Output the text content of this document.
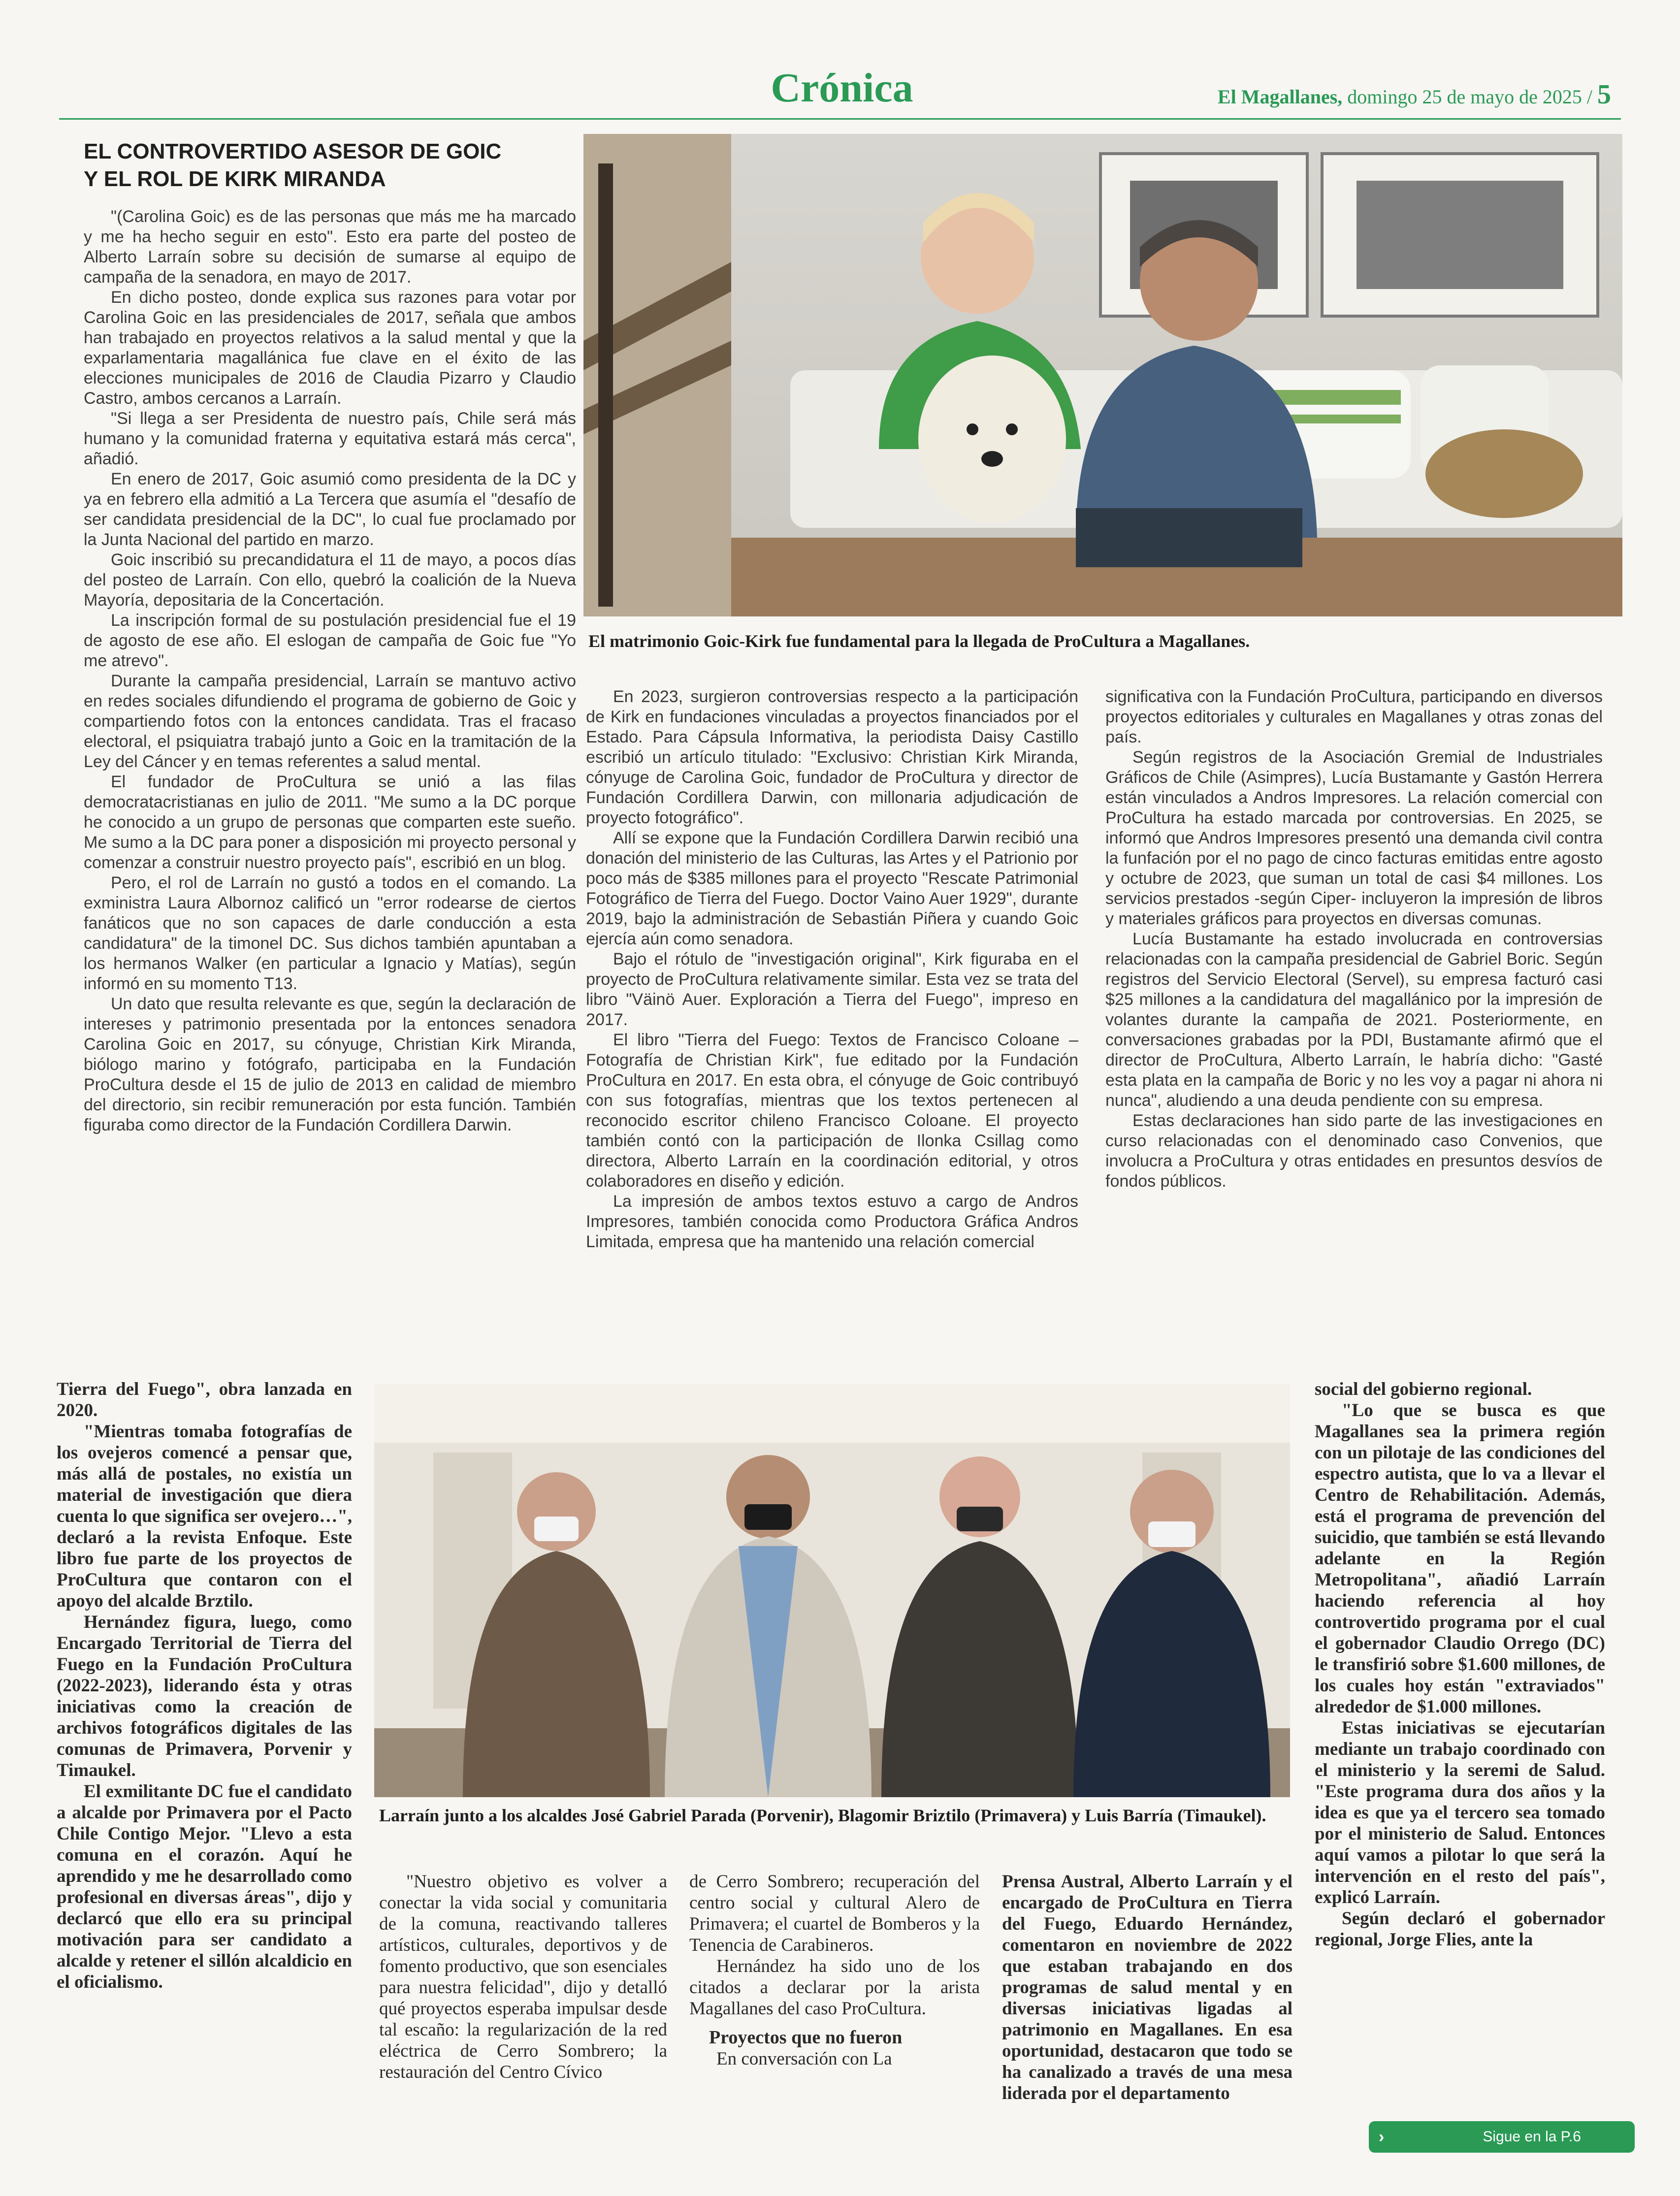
Crónica	El Magallanes, domingo 25 de mayo de 2025 / 5
EL CONTROVERTIDO ASESOR DE GOIC
Y EL ROL DE KIRK MIRANDA

"(Carolina Goic) es de las personas que más me ha marcado y me ha hecho seguir en esto". Esto era parte del posteo de Alberto Larraín sobre su decisión de sumarse al equipo de campaña de la senadora, en mayo de 2017.

En dicho posteo, donde explica sus razones para votar por Carolina Goic en las presidenciales de 2017, señala que ambos han trabajado en proyectos relativos a la salud mental y que la exparlamentaria magallánica fue clave en el éxito de las elecciones municipales de 2016 de Claudia Pizarro y Claudio Castro, ambos cercanos a Larraín.

"Si llega a ser Presidenta de nuestro país, Chile será más humano y la comunidad fraterna y equitativa estará más cerca", añadió.

En enero de 2017, Goic asumió como presidenta de la DC y ya en febrero ella admitió a La Tercera que asumía el "desafío de ser candidata presidencial de la DC", lo cual fue proclamado por la Junta Nacional del partido en marzo.

Goic inscribió su precandidatura el 11 de mayo, a pocos días del posteo de Larraín. Con ello, quebró la coalición de la Nueva Mayoría, depositaria de la Concertación.

La inscripción formal de su postulación presidencial fue el 19 de agosto de ese año. El eslogan de campaña de Goic fue "Yo me atrevo".

Durante la campaña presidencial, Larraín se mantuvo activo en redes sociales difundiendo el programa de gobierno de Goic y compartiendo fotos con la entonces candidata. Tras el fracaso electoral, el psiquiatra trabajó junto a Goic en la tramitación de la Ley del Cáncer y en temas referentes a salud mental.

El fundador de ProCultura se unió a las filas democratacristianas en julio de 2011. "Me sumo a la DC porque he conocido a un grupo de personas que comparten este sueño. Me sumo a la DC para poner a disposición mi proyecto personal y comenzar a construir nuestro proyecto país", escribió en un blog.

Pero, el rol de Larraín no gustó a todos en el comando. La exministra Laura Albornoz calificó un "error rodearse de ciertos fanáticos que no son capaces de darle conducción a esta candidatura" de la timonel DC. Sus dichos también apuntaban a los hermanos Walker (en particular a Ignacio y Matías), según informó en su momento T13.

Un dato que resulta relevante es que, según la declaración de intereses y patrimonio presentada por la entonces senadora Carolina Goic en 2017, su cónyuge, Christian Kirk Miranda, biólogo marino y fotógrafo, participaba en la Fundación ProCultura desde el 15 de julio de 2013 en calidad de miembro del directorio, sin recibir remuneración por esta función. También figuraba como director de la Fundación Cordillera Darwin.

El matrimonio Goic-Kirk fue fundamental para la llegada de ProCultura a Magallanes.

En 2023, surgieron controversias respecto a la participación de Kirk en fundaciones vinculadas a proyectos financiados por el Estado. Para Cápsula Informativa, la periodista Daisy Castillo escribió un artículo titulado: "Exclusivo: Christian Kirk Miranda, cónyuge de Carolina Goic, fundador de ProCultura y director de Fundación Cordillera Darwin, con millonaria adjudicación de proyecto fotográfico".

Allí se expone que la Fundación Cordillera Darwin recibió una donación del ministerio de las Culturas, las Artes y el Patrionio por poco más de $385 millones para el proyecto "Rescate Patrimonial Fotográfico de Tierra del Fuego. Doctor Vaino Auer 1929", durante 2019, bajo la administración de Sebastián Piñera y cuando Goic ejercía aún como senadora.

Bajo el rótulo de "investigación original", Kirk figuraba en el proyecto de ProCultura relativamente similar. Esta vez se trata del libro "Väinö Auer. Exploración a Tierra del Fuego", impreso en 2017.

El libro "Tierra del Fuego: Textos de Francisco Coloane – Fotografía de Christian Kirk", fue editado por la Fundación ProCultura en 2017. En esta obra, el cónyuge de Goic contribuyó con sus fotografías, mientras que los textos pertenecen al reconocido escritor chileno Francisco Coloane. El proyecto también contó con la participación de Ilonka Csillag como directora, Alberto Larraín en la coordinación editorial, y otros colaboradores en diseño y edición.

La impresión de ambos textos estuvo a cargo de Andros Impresores, también conocida como Productora Gráfica Andros Limitada, empresa que ha mantenido una relación comercial

significativa con la Fundación ProCultura, participando en diversos proyectos editoriales y culturales en Magallanes y otras zonas del país.

Según registros de la Asociación Gremial de Industriales Gráficos de Chile (Asimpres), Lucía Bustamante y Gastón Herrera están vinculados a Andros Impresores. La relación comercial con ProCultura ha estado marcada por controversias. En 2025, se informó que Andros Impresores presentó una demanda civil contra la funfación por el no pago de cinco facturas emitidas entre agosto y octubre de 2023, que suman un total de casi $4 millones. Los servicios prestados -según Ciper- incluyeron la impresión de libros y materiales gráficos para proyectos en diversas comunas.

Lucía Bustamante ha estado involucrada en controversias relacionadas con la campaña presidencial de Gabriel Boric. Según registros del Servicio Electoral (Servel), su empresa facturó casi $25 millones a la candidatura del magallánico por la impresión de volantes durante la campaña de 2021. Posteriormente, en conversaciones grabadas por la PDI, Bustamante afirmó que el director de ProCultura, Alberto Larraín, le habría dicho: "Gasté esta plata en la campaña de Boric y no les voy a pagar ni ahora ni nunca", aludiendo a una deuda pendiente con su empresa.

Estas declaraciones han sido parte de las investigaciones en curso relacionadas con el denominado caso Convenios, que involucra a ProCultura y otras entidades en presuntos desvíos de fondos públicos.

Tierra del Fuego", obra lanzada en 2020.

"Mientras tomaba fotografías de los ovejeros comencé a pensar que, más allá de postales, no existía un material de investigación que diera cuenta lo que significa ser ovejero…", declaró a la revista Enfoque. Este libro fue parte de los proyectos de ProCultura que contaron con el apoyo del alcalde Brztilo.

Hernández figura, luego, como Encargado Territorial de Tierra del Fuego en la Fundación ProCultura (2022-2023), liderando ésta y otras iniciativas como la creación de archivos fotográficos digitales de las comunas de Primavera, Porvenir y Timaukel.

El exmilitante DC fue el candidato a alcalde por Primavera por el Pacto Chile Contigo Mejor. "Llevo a esta comuna en el corazón. Aquí he aprendido y me he desarrollado como profesional en diversas áreas", dijo y declarcó que ello era su principal motivación para ser candidato a alcalde y retener el sillón alcaldicio en el oficialismo.

Larraín junto a los alcaldes José Gabriel Parada (Porvenir), Blagomir Briztilo (Primavera) y Luis Barría (Timaukel).

"Nuestro objetivo es volver a conectar la vida social y comunitaria de la comuna, reactivando talleres artísticos, culturales, deportivos y de fomento productivo, que son esenciales para nuestra felicidad", dijo y detalló qué proyectos esperaba impulsar desde tal escaño: la regularización de la red eléctrica de Cerro Sombrero; la restauración del Centro Cívico

de Cerro Sombrero; recuperación del centro social y cultural Alero de Primavera; el cuartel de Bomberos y la Tenencia de Carabineros.

Hernández ha sido uno de los citados a declarar por la arista Magallanes del caso ProCultura.

Proyectos que no fueron

En conversación con La

Prensa Austral, Alberto Larraín y el encargado de ProCultura en Tierra del Fuego, Eduardo Hernández, comentaron en noviembre de 2022 que estaban trabajando en dos programas de salud mental y en diversas iniciativas ligadas al patrimonio en Magallanes. En esa oportunidad, destacaron que todo se ha canalizado a través de una mesa liderada por el departamento

social del gobierno regional.

"Lo que se busca es que Magallanes sea la primera región con un pilotaje de las condiciones del espectro autista, que lo va a llevar el Centro de Rehabilitación. Además, está el programa de prevención del suicidio, que también se está llevando adelante en la Región Metropolitana", añadió Larraín haciendo referencia al hoy controvertido programa por el cual el gobernador Claudio Orrego (DC) le transfirió sobre $1.600 millones, de los cuales hoy están "extraviados" alrededor de $1.000 millones.

Estas iniciativas se ejecutarían mediante un trabajo coordinado con el ministerio y la seremi de Salud. "Este programa dura dos años y la idea es que ya el tercero sea tomado por el ministerio de Salud. Entonces aquí vamos a pilotar lo que será la intervención en el resto del país", explicó Larraín.

Según declaró el gobernador regional, Jorge Flies, ante la

›	Sigue en la P.6
